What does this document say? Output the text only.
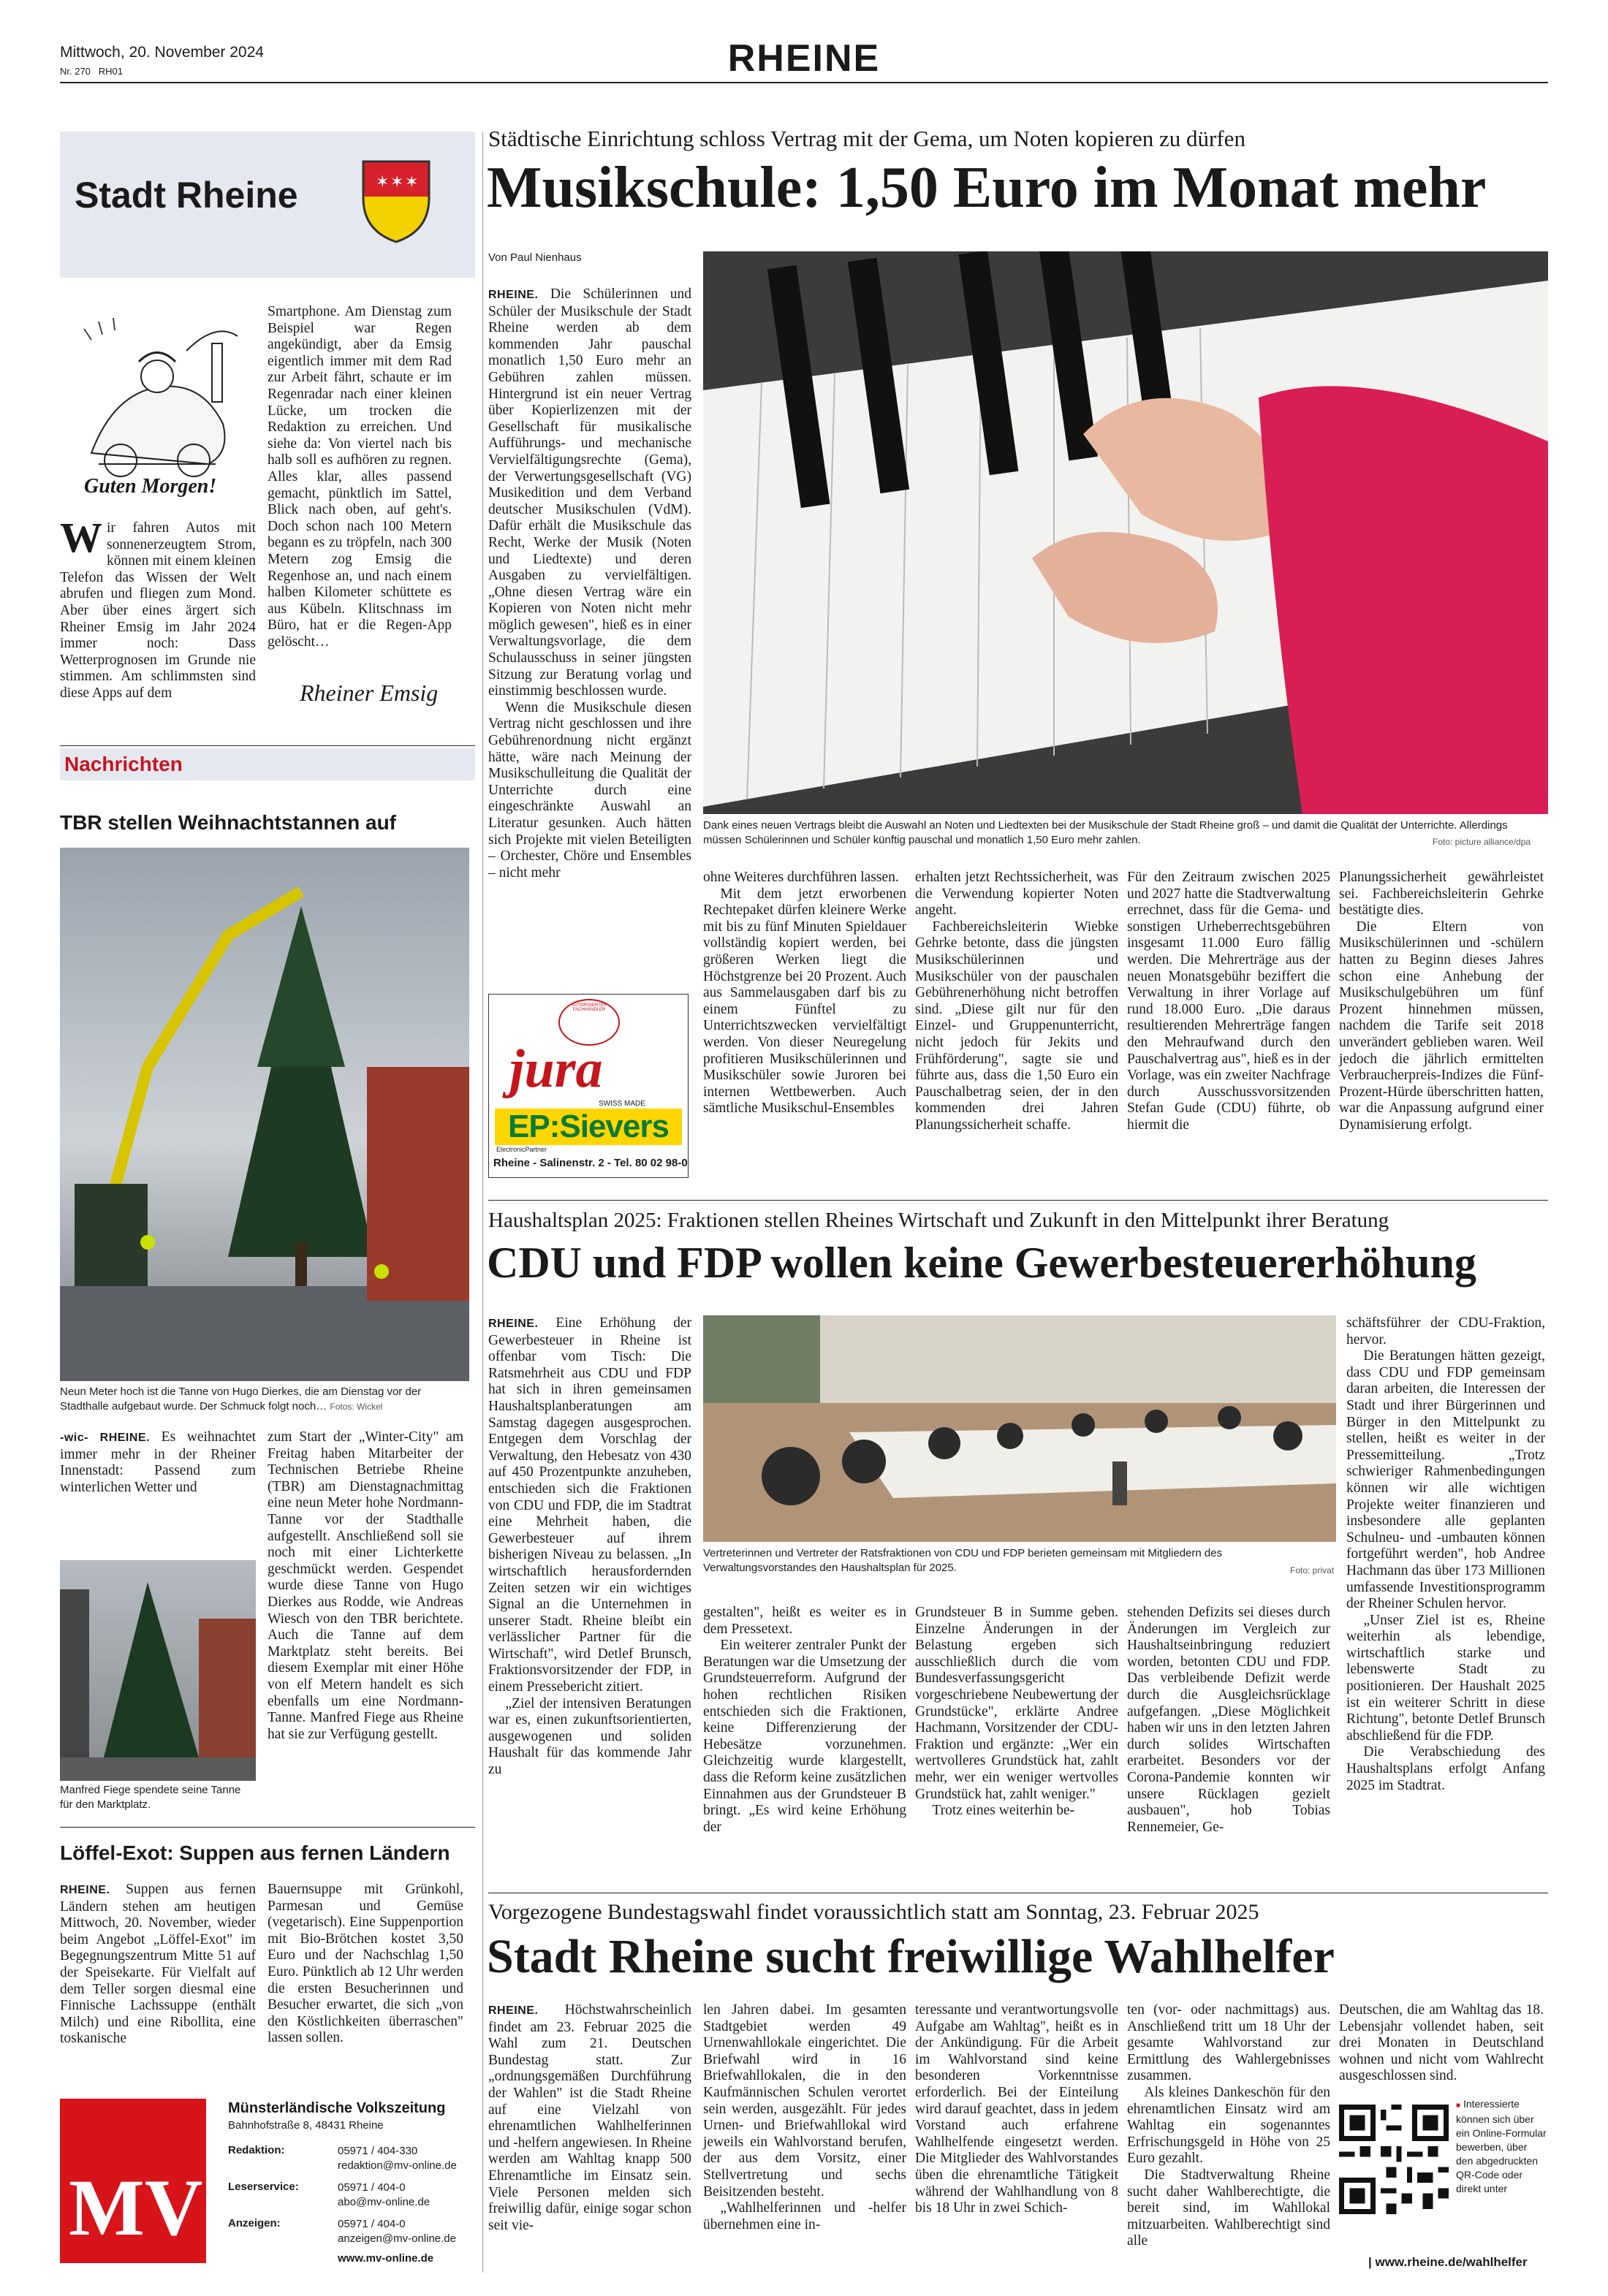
Mittwoch, 20. November 2024
Nr. 270 RH01	RHEINE
Stadt Rheine	✶ ✶ ✶
Guten Morgen!
Wir fahren Autos mit sonnenerzeugtem Strom, können mit einem kleinen Telefon das Wissen der Welt abrufen und fliegen zum Mond. Aber über eines ärgert sich Rheiner Emsig im Jahr 2024 immer noch: Dass Wetterprognosen im Grunde nie stimmen. Am schlimmsten sind diese Apps auf dem
Smartphone. Am Dienstag zum Beispiel war Regen angekündigt, aber da Emsig eigentlich immer mit dem Rad zur Arbeit fährt, schaute er im Regenradar nach einer kleinen Lücke, um trocken die Redaktion zu erreichen. Und siehe da: Von viertel nach bis halb soll es aufhören zu regnen. Alles klar, alles passend gemacht, pünktlich im Sattel, Blick nach oben, auf geht's. Doch schon nach 100 Metern begann es zu tröpfeln, nach 300 Metern zog Emsig die Regenhose an, und nach einem halben Kilometer schüttete es aus Kübeln. Klitschnass im Büro, hat er die Regen-App gelöscht…
Rheiner Emsig
Nachrichten
TBR stellen Weihnachtstannen auf
Neun Meter hoch ist die Tanne von Hugo Dierkes, die am Dienstag vor der Stadthalle aufgebaut wurde. Der Schmuck folgt noch… Fotos: Wickel
-wic- RHEINE. Es weihnachtet immer mehr in der Rheiner Innenstadt: Passend zum winterlichen Wetter und
Manfred Fiege spendete seine Tanne für den Marktplatz.
zum Start der „Winter-City" am Freitag haben Mitarbeiter der Technischen Betriebe Rheine (TBR) am Dienstagnachmittag eine neun Meter hohe Nordmann-Tanne vor der Stadthalle aufgestellt. Anschließend soll sie noch mit einer Lichterkette geschmückt werden. Gespendet wurde diese Tanne von Hugo Dierkes aus Rodde, wie Andreas Wiesch von den TBR berichtete. Auch die Tanne auf dem Marktplatz steht bereits. Bei diesem Exemplar mit einer Höhe von elf Metern handelt es sich ebenfalls um eine Nordmann-Tanne. Manfred Fiege aus Rheine hat sie zur Verfügung gestellt.
Löffel-Exot: Suppen aus fernen Ländern
RHEINE. Suppen aus fernen Ländern stehen am heutigen Mittwoch, 20. November, wieder beim Angebot „Löffel-Exot" im Begegnungszentrum Mitte 51 auf der Speisekarte. Für Vielfalt auf dem Teller sorgen diesmal eine Finnische Lachssuppe (enthält Milch) und eine Ribollita, eine toskanische
Bauernsuppe mit Grünkohl, Parmesan und Gemüse (vegetarisch). Eine Suppenportion mit Bio-Brötchen kostet 3,50 Euro und der Nachschlag 1,50 Euro. Pünktlich ab 12 Uhr werden die ersten Besucherinnen und Besucher erwartet, die sich „von den Köstlichkeiten überraschen" lassen sollen.
MV
Münsterländische Volkszeitung
Bahnhofstraße 8, 48431 Rheine
Redaktion:	05971 / 404-330
redaktion@mv-online.de
Leserservice:	05971 / 404-0
abo@mv-online.de
Anzeigen:	05971 / 404-0
anzeigen@mv-online.de
www.mv-online.de
Städtische Einrichtung schloss Vertrag mit der Gema, um Noten kopieren zu dürfen
Musikschule: 1,50 Euro im Monat mehr
Von Paul Nienhaus

RHEINE. Die Schülerinnen und Schüler der Musikschule der Stadt Rheine werden ab dem kommenden Jahr pauschal monatlich 1,50 Euro mehr an Gebühren zahlen müssen. Hintergrund ist ein neuer Vertrag über Kopierlizenzen mit der Gesellschaft für musikalische Aufführungs- und mechanische Vervielfältigungsrechte (Gema), der Verwertungsgesellschaft (VG) Musikedition und dem Verband deutscher Musikschulen (VdM). Dafür erhält die Musikschule das Recht, Werke der Musik (Noten und Liedtexte) und deren Ausgaben zu vervielfältigen. „Ohne diesen Vertrag wäre ein Kopieren von Noten nicht mehr möglich gewesen", hieß es in einer Verwaltungsvorlage, die dem Schulausschuss in seiner jüngsten Sitzung zur Beratung vorlag und einstimmig beschlossen wurde.

Wenn die Musikschule diesen Vertrag nicht geschlossen und ihre Gebührenordnung nicht ergänzt hätte, wäre nach Meinung der Musikschulleitung die Qualität der Unterrichte durch eine eingeschränkte Auswahl an Literatur gesunken. Auch hätten sich Projekte mit vielen Beteiligten – Orchester, Chöre und Ensembles – nicht mehr

Dank eines neuen Vertrags bleibt die Auswahl an Noten und Liedtexten bei der Musikschule der Stadt Rheine groß – und damit die Qualität der Unterrichte. Allerdings müssen Schülerinnen und Schüler künftig pauschal und monatlich 1,50 Euro mehr zahlen.	Foto: picture alliance/dpa

ohne Weiteres durchführen lassen.

Mit dem jetzt erworbenen Rechtepaket dürfen kleinere Werke mit bis zu fünf Minuten Spieldauer vollständig kopiert werden, bei größeren Werken liegt die Höchstgrenze bei 20 Prozent. Auch aus Sammelausgaben darf bis zu einem Fünftel zu Unterrichtszwecken vervielfältigt werden. Von dieser Neuregelung profitieren Musikschülerinnen und Musikschüler sowie Juroren bei internen Wettbewerben. Auch sämtliche Musikschul-Ensembles

erhalten jetzt Rechtssicherheit, was die Verwendung kopierter Noten angeht.

Fachbereichsleiterin Wiebke Gehrke betonte, dass die jüngsten Musikschülerinnen und Musikschüler von der pauschalen Gebührenerhöhung nicht betroffen sind. „Diese gilt nur für den Einzel- und Gruppenunterricht, nicht jedoch für Jekits und Frühförderung", sagte sie und führte aus, dass die 1,50 Euro ein Pauschalbetrag seien, der in den kommenden drei Jahren Planungssicherheit schaffe.

Für den Zeitraum zwischen 2025 und 2027 hatte die Stadtverwaltung errechnet, dass für die Gema- und sonstigen Urheberrechtsgebühren insgesamt 11.000 Euro fällig werden. Die Mehrerträge aus der neuen Monatsgebühr beziffert die Verwaltung in ihrer Vorlage auf rund 18.000 Euro. „Die daraus resultierenden Mehrerträge fangen den Mehraufwand durch den Pauschalvertrag aus", hieß es in der Vorlage, was ein zweiter Nachfrage durch Ausschussvorsitzenden Stefan Gude (CDU) führte, ob hiermit die

Planungssicherheit gewährleistet sei. Fachbereichsleiterin Gehrke bestätigte dies.

Die Eltern von Musikschülerinnen und -schülern hatten zu Beginn dieses Jahres schon eine Anhebung der Musikschulgebühren um fünf Prozent hinnehmen müssen, nachdem die Tarife seit 2018 unverändert geblieben waren. Weil jedoch die jährlich ermittelten Verbraucherpreis-Indizes die Fünf-Prozent-Hürde überschritten hatten, war die Anpassung aufgrund einer Dynamisierung erfolgt.

AUTORISIERTER FACHHÄNDLER
jura
SWISS MADE
EP:Sievers
ElectronicPartner
Rheine - Salinenstr. 2 - Tel. 80 02 98-0
Haushaltsplan 2025: Fraktionen stellen Rheines Wirtschaft und Zukunft in den Mittelpunkt ihrer Beratung
CDU und FDP wollen keine Gewerbesteuererhöhung

RHEINE. Eine Erhöhung der Gewerbesteuer in Rheine ist offenbar vom Tisch: Die Ratsmehrheit aus CDU und FDP hat sich in ihren gemeinsamen Haushaltsplanberatungen am Samstag dagegen ausgesprochen. Entgegen dem Vorschlag der Verwaltung, den Hebesatz von 430 auf 450 Prozentpunkte anzuheben, entschieden sich die Fraktionen von CDU und FDP, die im Stadtrat eine Mehrheit haben, die Gewerbesteuer auf ihrem bisherigen Niveau zu belassen. „In wirtschaftlich herausfordernden Zeiten setzen wir ein wichtiges Signal an die Unternehmen in unserer Stadt. Rheine bleibt ein verlässlicher Partner für die Wirtschaft", wird Detlef Brunsch, Fraktionsvorsitzender der FDP, in einem Pressebericht zitiert.

„Ziel der intensiven Beratungen war es, einen zukunftsorientierten, ausgewogenen und soliden Haushalt für das kommende Jahr zu

Vertreterinnen und Vertreter der Ratsfraktionen von CDU und FDP berieten gemeinsam mit Mitgliedern des Verwaltungsvorstandes den Haushaltsplan für 2025.	Foto: privat

gestalten", heißt es weiter es in dem Pressetext.

Ein weiterer zentraler Punkt der Beratungen war die Umsetzung der Grundsteuerreform. Aufgrund der hohen rechtlichen Risiken entschieden sich die Fraktionen, keine Differenzierung der Hebesätze vorzunehmen. Gleichzeitig wurde klargestellt, dass die Reform keine zusätzlichen Einnahmen aus der Grundsteuer B bringt. „Es wird keine Erhöhung der

Grundsteuer B in Summe geben. Einzelne Änderungen in der Belastung ergeben sich ausschließlich durch die vom Bundesverfassungsgericht vorgeschriebene Neubewertung der Grundstücke", erklärte Andree Hachmann, Vorsitzender der CDU-Fraktion und ergänzte: „Wer ein wertvolleres Grundstück hat, zahlt mehr, wer ein weniger wertvolles Grundstück hat, zahlt weniger."

Trotz eines weiterhin be-

stehenden Defizits sei dieses durch Änderungen im Vergleich zur Haushaltseinbringung reduziert worden, betonten CDU und FDP. Das verbleibende Defizit werde durch die Ausgleichsrücklage aufgefangen. „Diese Möglichkeit haben wir uns in den letzten Jahren durch solides Wirtschaften erarbeitet. Besonders vor der Corona-Pandemie konnten wir unsere Rücklagen gezielt ausbauen", hob Tobias Rennemeier, Ge-

schäftsführer der CDU-Fraktion, hervor.

Die Beratungen hätten gezeigt, dass CDU und FDP gemeinsam daran arbeiten, die Interessen der Stadt und ihrer Bürgerinnen und Bürger in den Mittelpunkt zu stellen, heißt es weiter in der Pressemitteilung. „Trotz schwieriger Rahmenbedingungen können wir alle wichtigen Projekte weiter finanzieren und insbesondere alle geplanten Schulneu- und -umbauten können fortgeführt werden", hob Andree Hachmann das über 173 Millionen umfassende Investitionsprogramm der Rheiner Schulen hervor.

„Unser Ziel ist es, Rheine weiterhin als lebendige, wirtschaftlich starke und lebenswerte Stadt zu positionieren. Der Haushalt 2025 ist ein weiterer Schritt in diese Richtung", betonte Detlef Brunsch abschließend für die FDP.

Die Verabschiedung des Haushaltsplans erfolgt Anfang 2025 im Stadtrat.

Vorgezogene Bundestagswahl findet voraussichtlich statt am Sonntag, 23. Februar 2025
Stadt Rheine sucht freiwillige Wahlhelfer

RHEINE. Höchstwahrscheinlich findet am 23. Februar 2025 die Wahl zum 21. Deutschen Bundestag statt. Zur „ordnungsgemäßen Durchführung der Wahlen" ist die Stadt Rheine auf eine Vielzahl von ehrenamtlichen Wahlhelferinnen und -helfern angewiesen. In Rheine werden am Wahltag knapp 500 Ehrenamtliche im Einsatz sein. Viele Personen melden sich freiwillig dafür, einige sogar schon seit vie-

len Jahren dabei. Im gesamten Stadtgebiet werden 49 Urnenwahllokale eingerichtet. Die Briefwahl wird in 16 Briefwahllokalen, die in den Kaufmännischen Schulen verortet sein werden, ausgezählt. Für jedes Urnen- und Briefwahllokal wird jeweils ein Wahlvorstand berufen, der aus dem Vorsitz, einer Stellvertretung und sechs Beisitzenden besteht.

„Wahlhelferinnen und -helfer übernehmen eine in-

teressante und verantwortungsvolle Aufgabe am Wahltag", heißt es in der Ankündigung. Für die Arbeit im Wahlvorstand sind keine besonderen Vorkenntnisse erforderlich. Bei der Einteilung wird darauf geachtet, dass in jedem Vorstand auch erfahrene Wahlhelfende eingesetzt werden. Die Mitglieder des Wahlvorstandes üben die ehrenamtliche Tätigkeit während der Wahlhandlung von 8 bis 18 Uhr in zwei Schich-

ten (vor- oder nachmittags) aus. Anschließend tritt um 18 Uhr der gesamte Wahlvorstand zur Ermittlung des Wahlergebnisses zusammen.

Als kleines Dankeschön für den ehrenamtlichen Einsatz wird am Wahltag ein sogenanntes Erfrischungsgeld in Höhe von 25 Euro gezahlt.

Die Stadtverwaltung Rheine sucht daher Wahlberechtigte, die bereit sind, im Wahllokal mitzuarbeiten. Wahlberechtigt sind alle

Deutschen, die am Wahltag das 18. Lebensjahr vollendet haben, seit drei Monaten in Deutschland wohnen und nicht vom Wahlrecht ausgeschlossen sind.

■ Interessierte können sich über ein Online-Formular bewerben, über den abgedruckten QR-Code oder direkt unter
| www.rheine.de/wahlhelfer
